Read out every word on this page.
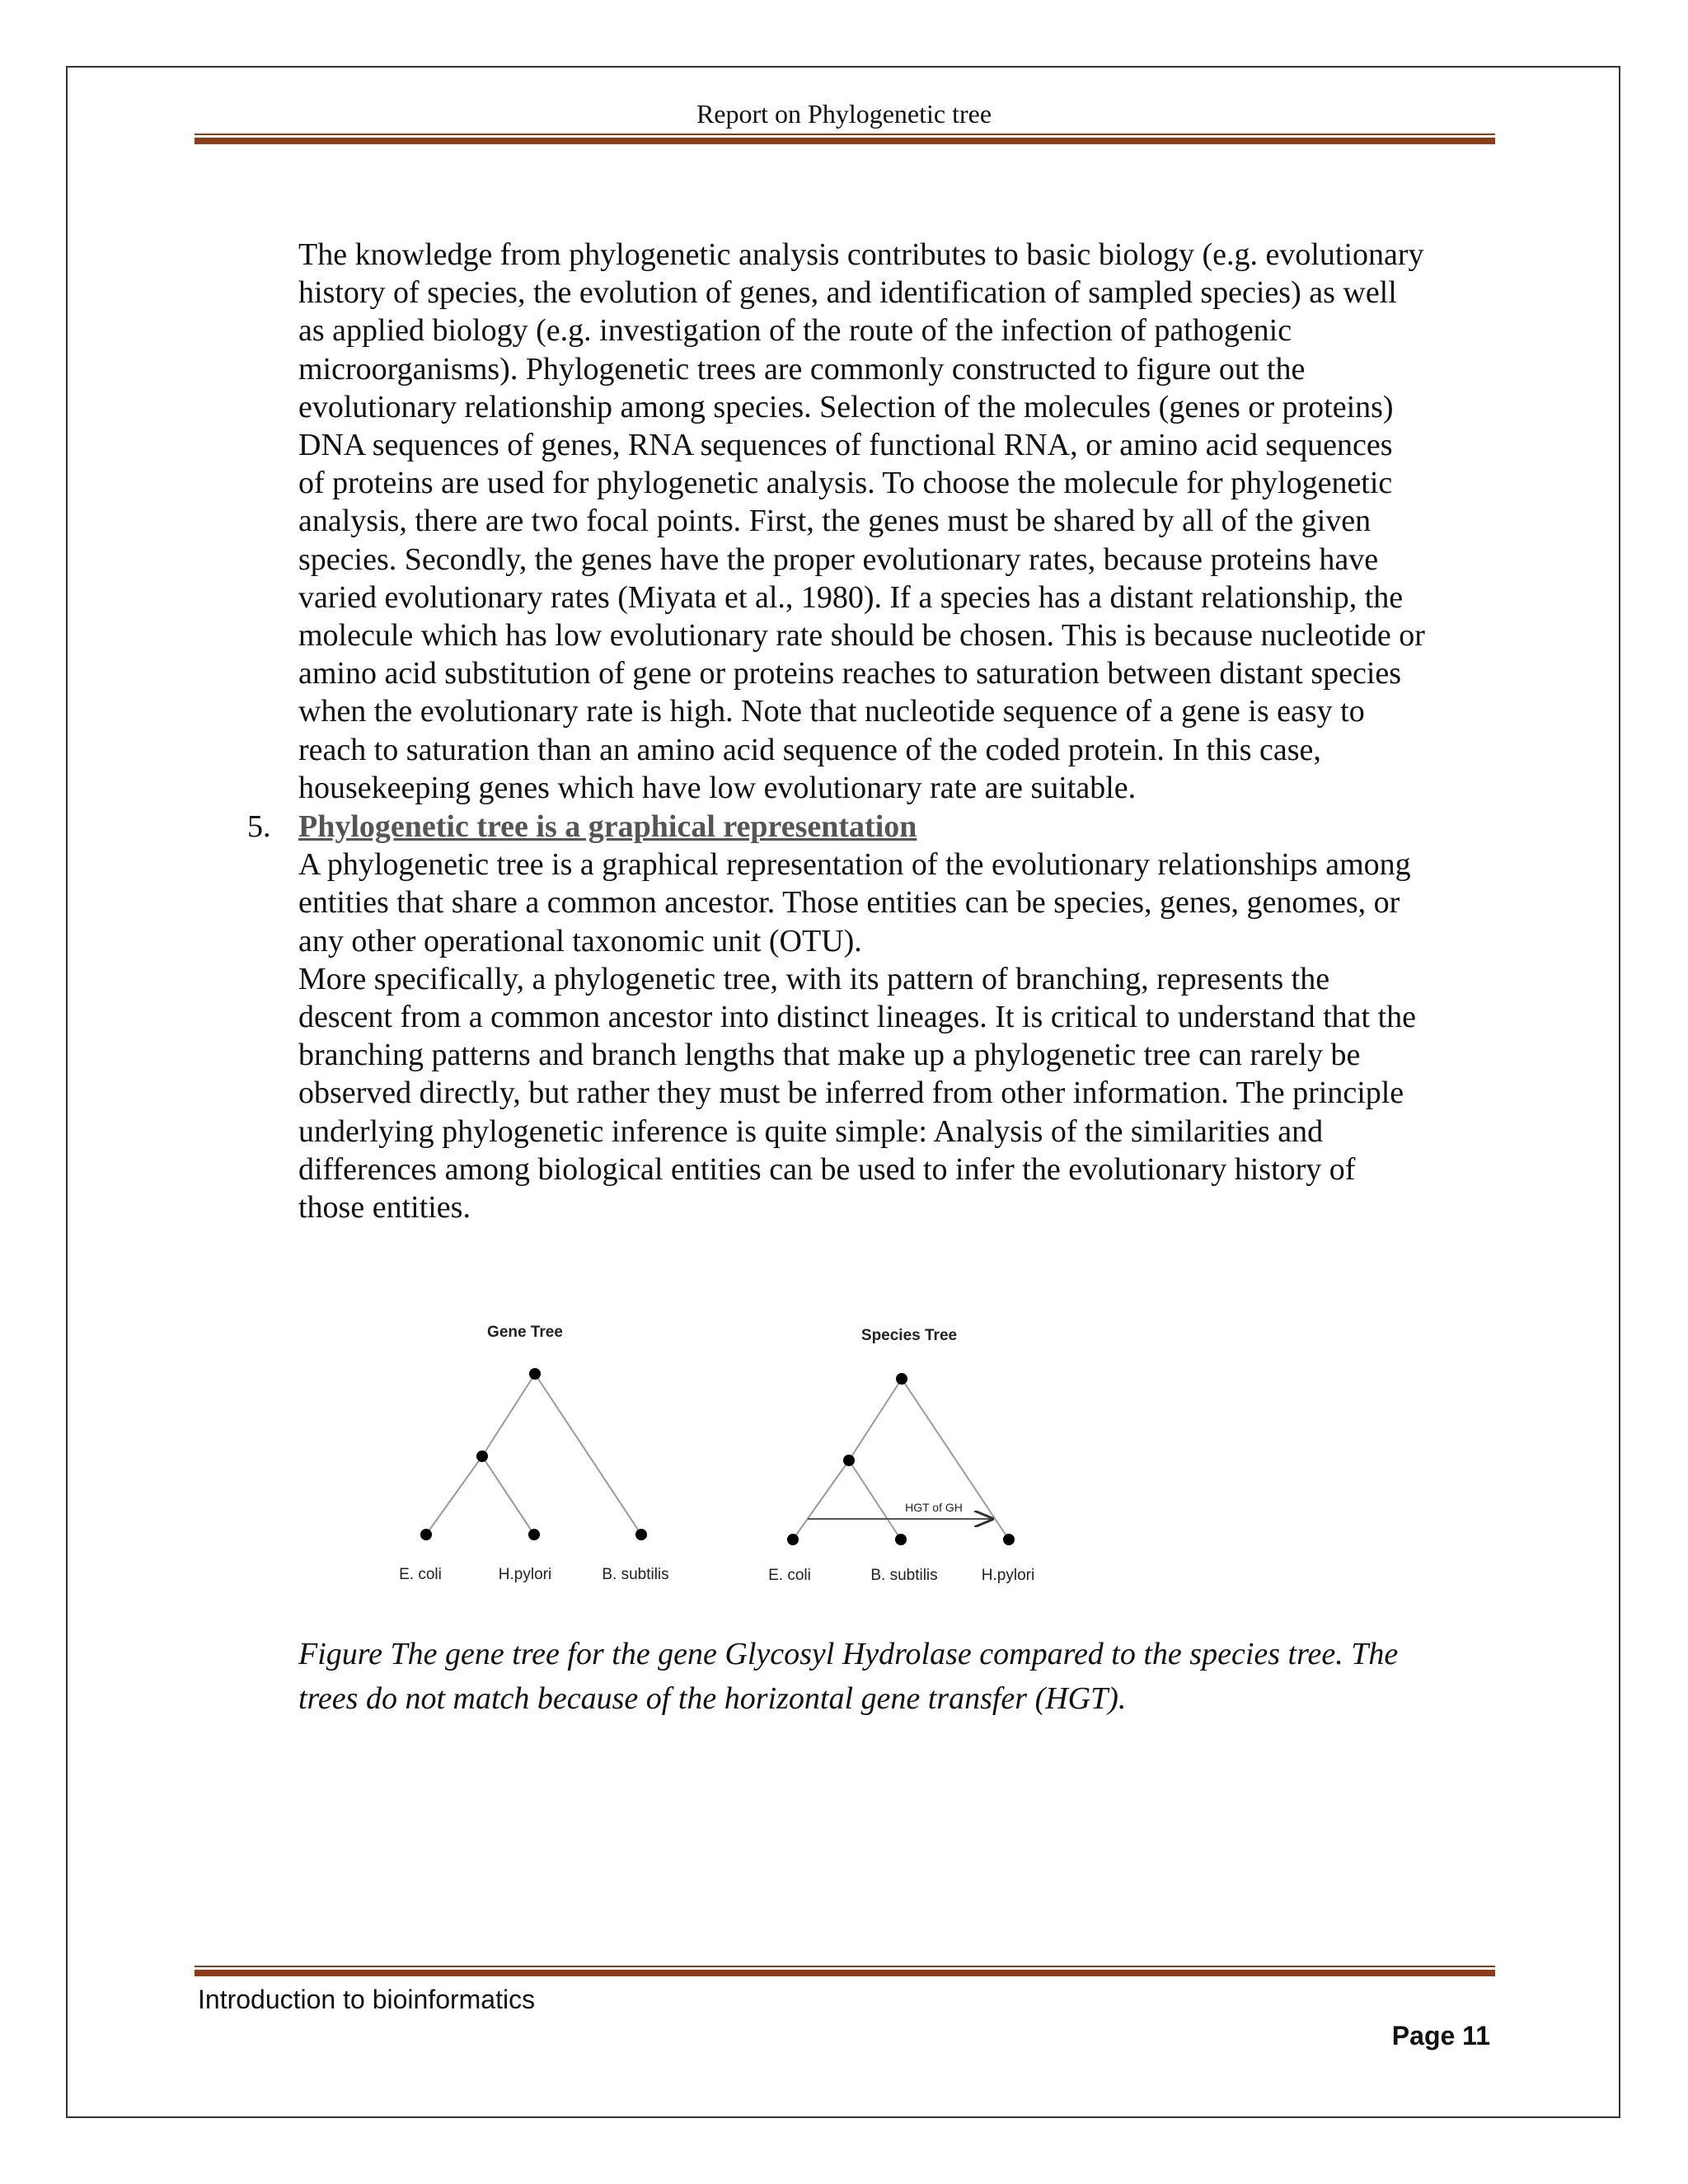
Report on Phylogenetic tree
The knowledge from phylogenetic analysis contributes to basic biology (e.g. evolutionary
history of species, the evolution of genes, and identification of sampled species) as well
as applied biology (e.g. investigation of the route of the infection of pathogenic
microorganisms). Phylogenetic trees are commonly constructed to figure out the
evolutionary relationship among species. Selection of the molecules (genes or proteins)
DNA sequences of genes, RNA sequences of functional RNA, or amino acid sequences
of proteins are used for phylogenetic analysis. To choose the molecule for phylogenetic
analysis, there are two focal points. First, the genes must be shared by all of the given
species. Secondly, the genes have the proper evolutionary rates, because proteins have
varied evolutionary rates (Miyata et al., 1980). If a species has a distant relationship, the
molecule which has low evolutionary rate should be chosen. This is because nucleotide or
amino acid substitution of gene or proteins reaches to saturation between distant species
when the evolutionary rate is high. Note that nucleotide sequence of a gene is easy to
reach to saturation than an amino acid sequence of the coded protein. In this case,
housekeeping genes which have low evolutionary rate are suitable.
5. Phylogenetic tree is a graphical representation
A phylogenetic tree is a graphical representation of the evolutionary relationships among
entities that share a common ancestor. Those entities can be species, genes, genomes, or
any other operational taxonomic unit (OTU).
More specifically, a phylogenetic tree, with its pattern of branching, represents the
descent from a common ancestor into distinct lineages. It is critical to understand that the
branching patterns and branch lengths that make up a phylogenetic tree can rarely be
observed directly, but rather they must be inferred from other information. The principle
underlying phylogenetic inference is quite simple: Analysis of the similarities and
differences among biological entities can be used to infer the evolutionary history of
those entities.
Gene Tree
E. coli	H.pylori	B. subtilis
Species Tree
HGT of GH
E. coli	B. subtilis	H.pylori
Figure The gene tree for the gene Glycosyl Hydrolase compared to the species tree. The
trees do not match because of the horizontal gene transfer (HGT).
Introduction to bioinformatics
Page 11
